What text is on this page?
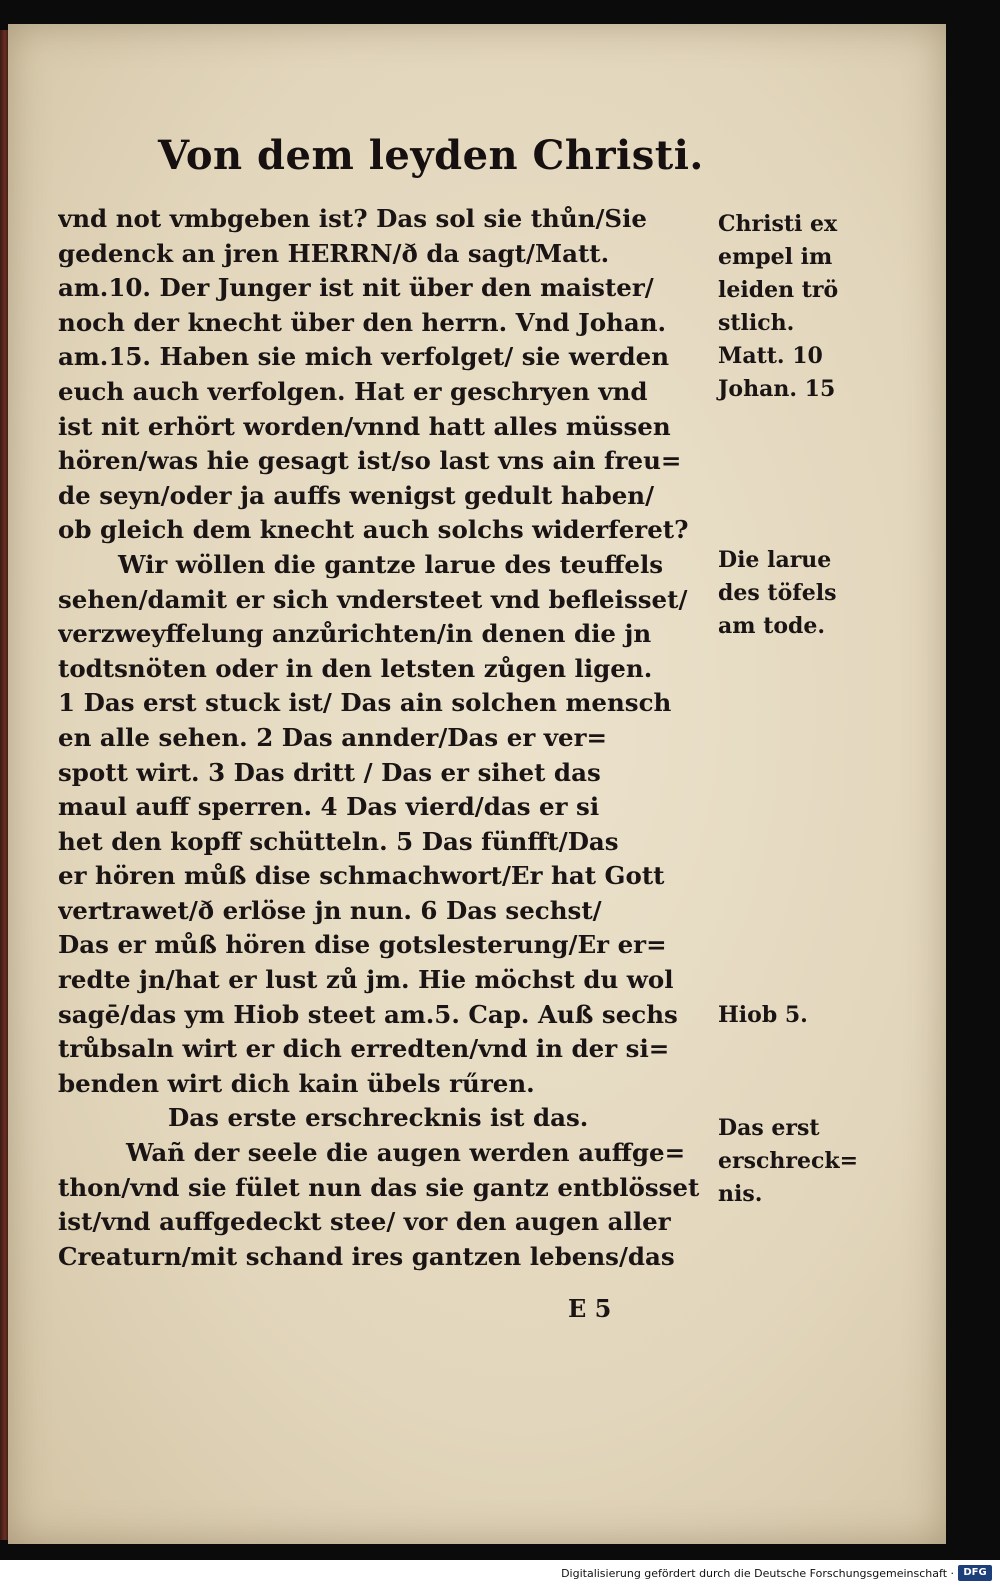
Von dem leyden Christi.
vnd not vmbgeben ist? Das sol sie thůn/Sie
gedenck an jren HERRN/ð da sagt/Matt.
am.10. Der Junger ist nit über den maister/
noch der knecht über den herrn. Vnd Johan.
am.15. Haben sie mich verfolget/ sie werden
euch auch verfolgen. Hat er geschryen vnd
ist nit erhört worden/vnnd hatt alles müssen
hören/was hie gesagt ist/so last vns ain freu=
de seyn/oder ja auffs wenigst gedult haben/
ob gleich dem knecht auch solchs widerferet?
Wir wöllen die gantze larue des teuffels
sehen/damit er sich vndersteet vnd befleisset/
verzweyffelung anzůrichten/in denen die jn
todtsnöten oder in den letsten zůgen ligen.
1 Das erst stuck ist/ Das ain solchen mensch
en alle sehen. 2 Das annder/Das er ver=
spott wirt. 3 Das dritt / Das er sihet das
maul auff sperren. 4 Das vierd/das er si
het den kopff schütteln. 5 Das fünfft/Das
er hören můß dise schmachwort/Er hat Gott
vertrawet/ð erlöse jn nun. 6 Das sechst/
Das er můß hören dise gotslesterung/Er er=
redte jn/hat er lust zů jm. Hie möchst du wol
sagē/das ym Hiob steet am.5. Cap. Auß sechs
trůbsaln wirt er dich erredten/vnd in der si=
benden wirt dich kain übels rűren.
Das erste erschrecknis ist das.
Wañ der seele die augen werden auffge=
thon/vnd sie fület nun das sie gantz entblösset
ist/vnd auffgedeckt stee/ vor den augen aller
Creaturn/mit schand ires gantzen lebens/das
Christi ex
empel im
leiden trö
stlich.
Matt. 10
Johan. 15
Die larue
des töfels
am tode.
Hiob 5.
Das erst
erschreck=
nis.
E 5
Digitalisierung gefördert durch die Deutsche Forschungsgemeinschaft · DFG
